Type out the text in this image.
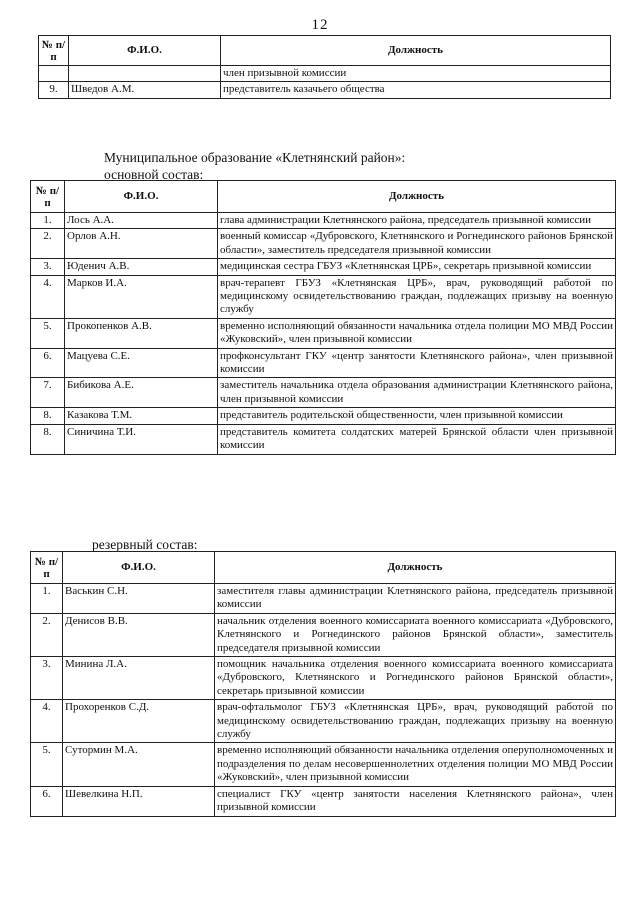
12
№ п/п	Ф.И.О.	Должность
		член призывной комиссии
9.	Шведов А.М.	представитель казачьего общества
Муниципальное образование «Клетнянский район»:
основной состав:
№ п/п	Ф.И.О.	Должность
1.	Лось А.А.	глава администрации Клетнянского района, председатель призывной комиссии
2.	Орлов А.Н.	военный комиссар «Дубровского, Клетнянского и Рогнединского районов Брянской области», заместитель председателя призывной комиссии
3.	Юденич А.В.	медицинская сестра ГБУЗ «Клетнянская ЦРБ», секретарь призывной комиссии
4.	Марков И.А.	врач-терапевт ГБУЗ «Клетнянская ЦРБ», врач, руководящий работой по медицинскому освидетельствованию граждан, подлежащих призыву на военную службу
5.	Прокопенков А.В.	временно исполняющий обязанности начальника отдела полиции МО МВД России «Жуковский», член призывной комиссии
6.	Мацуева С.Е.	профконсультант ГКУ «центр занятости Клетнянского района», член призывной комиссии
7.	Бибикова А.Е.	заместитель начальника отдела образования администрации Клетнянского района, член призывной комиссии
8.	Казакова Т.М.	представитель родительской общественности, член призывной комиссии
8.	Синичина Т.И.	представитель комитета солдатских матерей Брянской области член призывной комиссии
резервный состав:
№ п/п	Ф.И.О.	Должность
1.	Васькин С.Н.	заместителя главы администрации Клетнянского района, председатель призывной комиссии
2.	Денисов В.В.	начальник отделения военного комиссариата военного комиссариата «Дубровского, Клетнянского и Рогнединского районов Брянской области», заместитель председателя призывной комиссии
3.	Минина Л.А.	помощник начальника отделения военного комиссариата военного комиссариата «Дубровского, Клетнянского и Рогнединского районов Брянской области», секретарь призывной комиссии
4.	Прохоренков С.Д.	врач-офтальмолог ГБУЗ «Клетнянская ЦРБ», врач, руководящий работой по медицинскому освидетельствованию граждан, подлежащих призыву на военную службу
5.	Сутормин М.А.	временно исполняющий обязанности начальника отделения оперуполномоченных и подразделения по делам несовершеннолетних отделения полиции МО МВД России «Жуковский», член призывной комиссии
6.	Шевелкина Н.П.	специалист ГКУ «центр занятости населения Клетнянского района», член призывной комиссии
